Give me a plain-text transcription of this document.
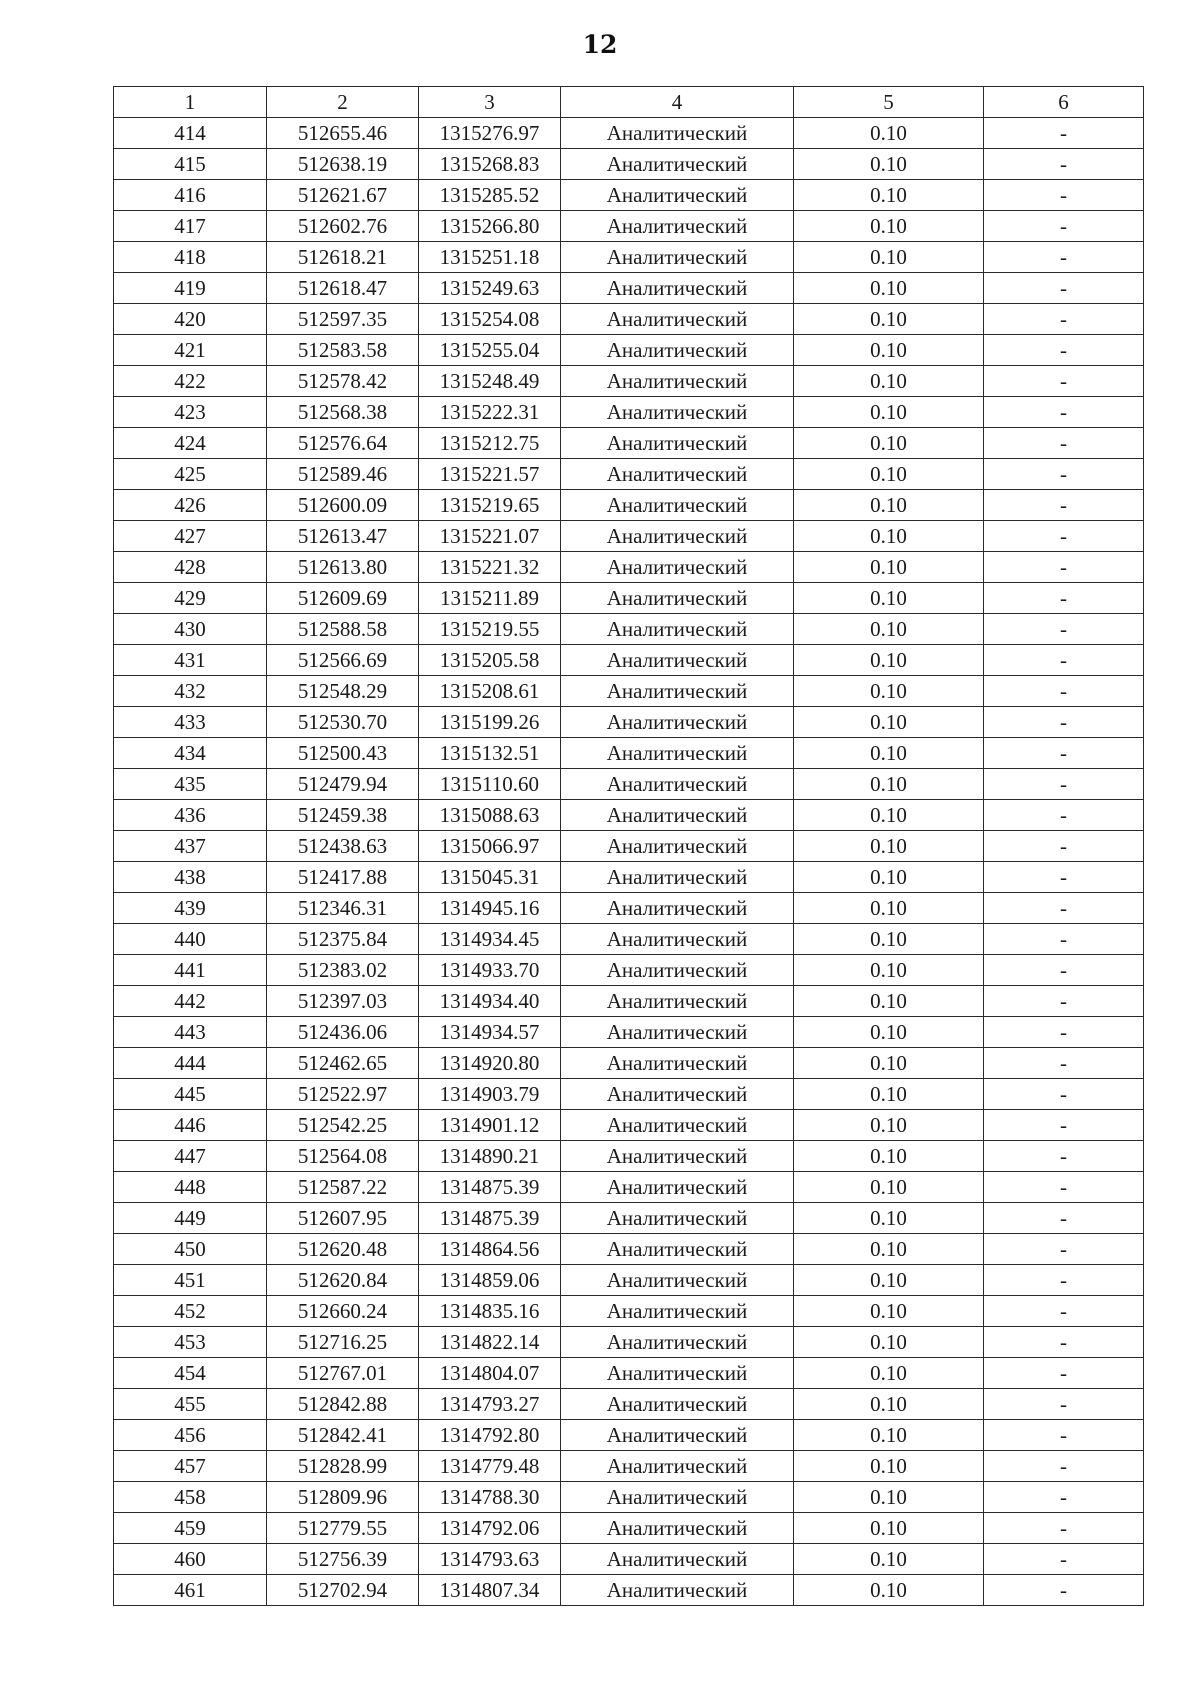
12
1	2	3	4	5	6
414	512655.46	1315276.97	Аналитический	0.10	-
415	512638.19	1315268.83	Аналитический	0.10	-
416	512621.67	1315285.52	Аналитический	0.10	-
417	512602.76	1315266.80	Аналитический	0.10	-
418	512618.21	1315251.18	Аналитический	0.10	-
419	512618.47	1315249.63	Аналитический	0.10	-
420	512597.35	1315254.08	Аналитический	0.10	-
421	512583.58	1315255.04	Аналитический	0.10	-
422	512578.42	1315248.49	Аналитический	0.10	-
423	512568.38	1315222.31	Аналитический	0.10	-
424	512576.64	1315212.75	Аналитический	0.10	-
425	512589.46	1315221.57	Аналитический	0.10	-
426	512600.09	1315219.65	Аналитический	0.10	-
427	512613.47	1315221.07	Аналитический	0.10	-
428	512613.80	1315221.32	Аналитический	0.10	-
429	512609.69	1315211.89	Аналитический	0.10	-
430	512588.58	1315219.55	Аналитический	0.10	-
431	512566.69	1315205.58	Аналитический	0.10	-
432	512548.29	1315208.61	Аналитический	0.10	-
433	512530.70	1315199.26	Аналитический	0.10	-
434	512500.43	1315132.51	Аналитический	0.10	-
435	512479.94	1315110.60	Аналитический	0.10	-
436	512459.38	1315088.63	Аналитический	0.10	-
437	512438.63	1315066.97	Аналитический	0.10	-
438	512417.88	1315045.31	Аналитический	0.10	-
439	512346.31	1314945.16	Аналитический	0.10	-
440	512375.84	1314934.45	Аналитический	0.10	-
441	512383.02	1314933.70	Аналитический	0.10	-
442	512397.03	1314934.40	Аналитический	0.10	-
443	512436.06	1314934.57	Аналитический	0.10	-
444	512462.65	1314920.80	Аналитический	0.10	-
445	512522.97	1314903.79	Аналитический	0.10	-
446	512542.25	1314901.12	Аналитический	0.10	-
447	512564.08	1314890.21	Аналитический	0.10	-
448	512587.22	1314875.39	Аналитический	0.10	-
449	512607.95	1314875.39	Аналитический	0.10	-
450	512620.48	1314864.56	Аналитический	0.10	-
451	512620.84	1314859.06	Аналитический	0.10	-
452	512660.24	1314835.16	Аналитический	0.10	-
453	512716.25	1314822.14	Аналитический	0.10	-
454	512767.01	1314804.07	Аналитический	0.10	-
455	512842.88	1314793.27	Аналитический	0.10	-
456	512842.41	1314792.80	Аналитический	0.10	-
457	512828.99	1314779.48	Аналитический	0.10	-
458	512809.96	1314788.30	Аналитический	0.10	-
459	512779.55	1314792.06	Аналитический	0.10	-
460	512756.39	1314793.63	Аналитический	0.10	-
461	512702.94	1314807.34	Аналитический	0.10	-
